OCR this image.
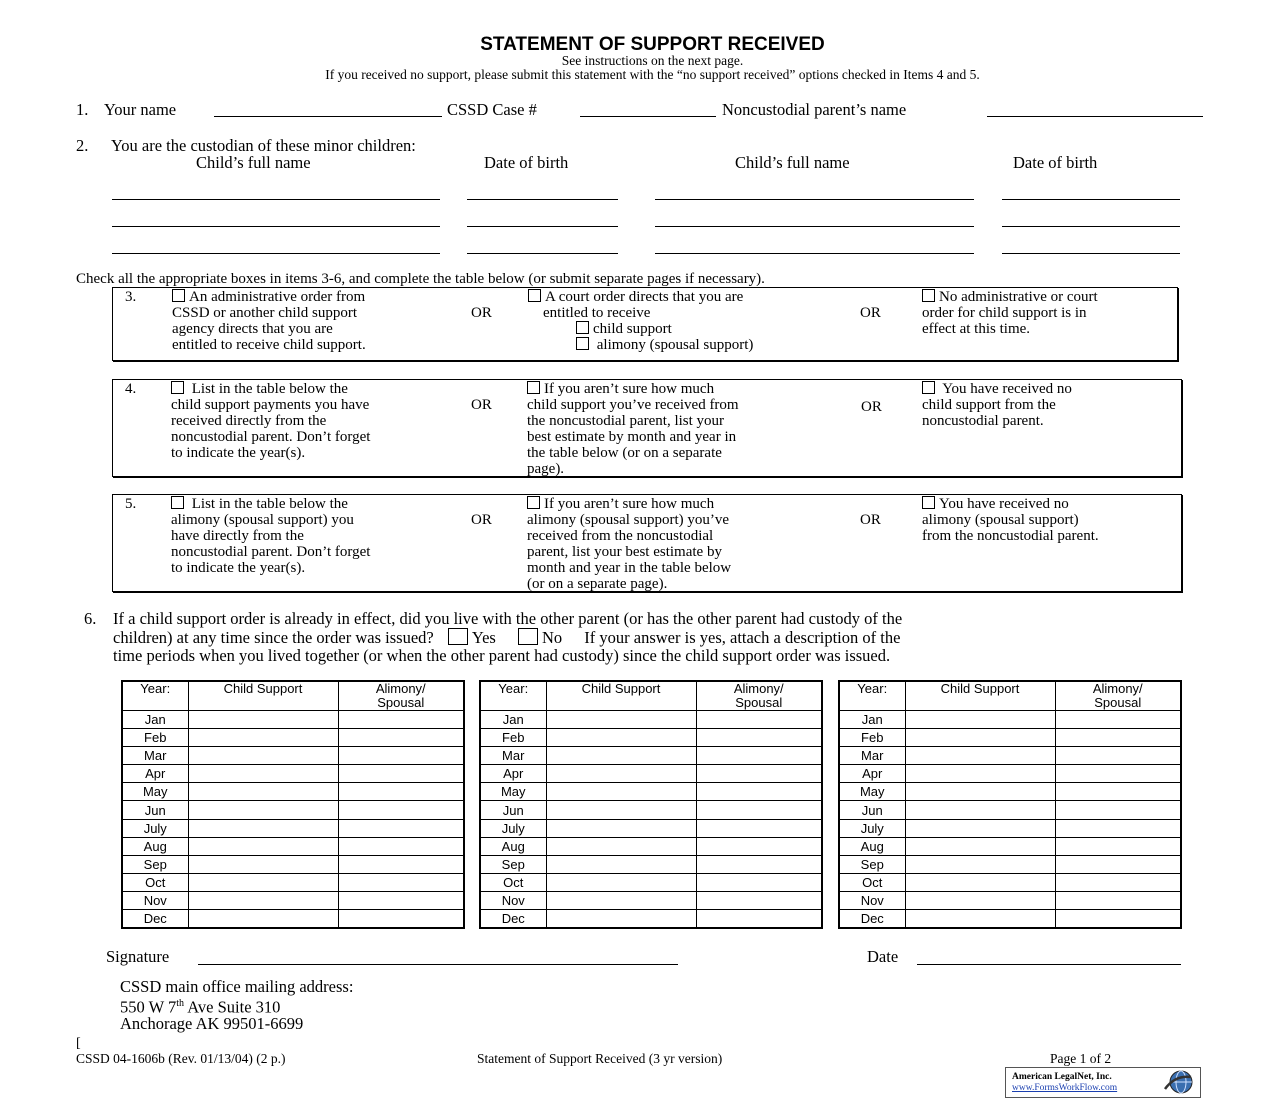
STATEMENT OF SUPPORT RECEIVED
See instructions on the next page.
If you received no support, please submit this statement with the “no support received” options checked in Items 4 and 5.
1. Your name	CSSD Case #	Noncustodial parent’s name
2. You are the custodian of these minor children:
Child’s full name	Date of birth	Child’s full name	Date of birth
Check all the appropriate boxes in items 3-6, and complete the table below (or submit separate pages if necessary).
3.	An administrative order from
CSSD or another child support
agency directs that you are
entitled to receive child support.
OR
A court order directs that you are
entitled to receive
child support
alimony (spousal support)
OR
No administrative or court
order for child support is in
effect at this time.
4.	List in the table below the
child support payments you have
received directly from the
noncustodial parent. Don’t forget
to indicate the year(s).
OR
If you aren’t sure how much
child support you’ve received from
the noncustodial parent, list your
best estimate by month and year in
the table below (or on a separate
page).
OR
You have received no
child support from the
noncustodial parent.
5.	List in the table below the
alimony (spousal support) you
have directly from the
noncustodial parent. Don’t forget
to indicate the year(s).
OR
If you aren’t sure how much
alimony (spousal support) you’ve
received from the noncustodial
parent, list your best estimate by
month and year in the table below
(or on a separate page).
OR
You have received no
alimony (spousal support)
from the noncustodial parent.
6. If a child support order is already in effect, did you live with the other parent (or has the other parent had custody of the
children) at any time since the order was issued? Yes	No If your answer is yes, attach a description of the
time periods when you lived together (or when the other parent had custody) since the child support order was issued.
Year:	Child Support	Alimony/
Spousal
Jan		
Feb		
Mar		
Apr		
May		
Jun		
July		
Aug		
Sep		
Oct		
Nov		
Dec		
Year:	Child Support	Alimony/
Spousal
Jan		
Feb		
Mar		
Apr		
May		
Jun		
July		
Aug		
Sep		
Oct		
Nov		
Dec		
Year:	Child Support	Alimony/
Spousal
Jan		
Feb		
Mar		
Apr		
May		
Jun		
July		
Aug		
Sep		
Oct		
Nov		
Dec		
Signature	Date
CSSD main office mailing address:
550 W 7th Ave Suite 310
Anchorage AK 99501-6699
[
CSSD 04-1606b (Rev. 01/13/04) (2 p.)	Statement of Support Received (3 yr version)	Page 1 of 2
American LegalNet, Inc.
www.FormsWorkFlow.com
